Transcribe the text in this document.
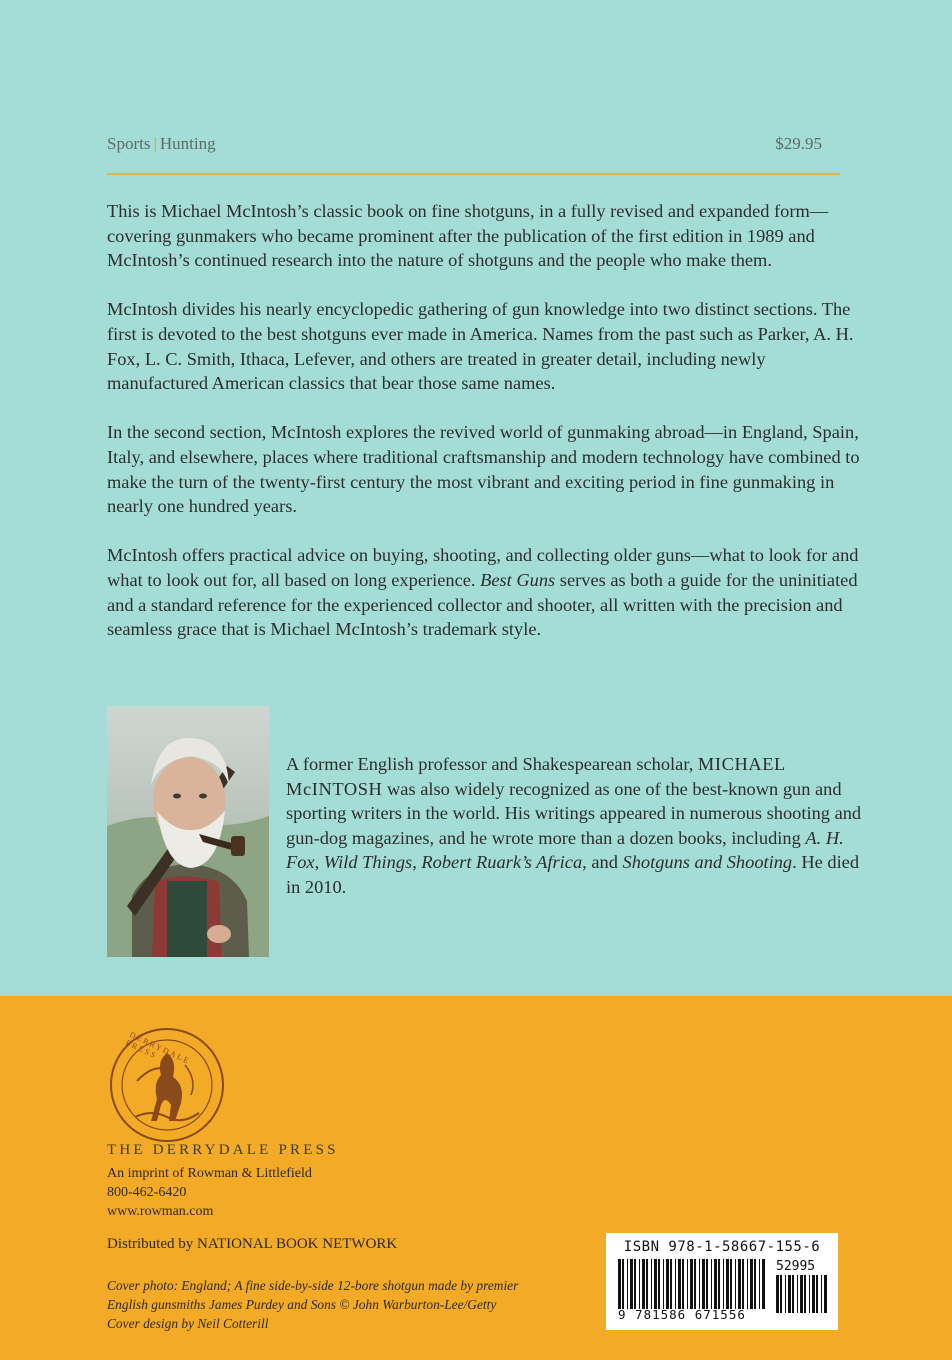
Sports | Hunting	$29.95

This is Michael McIntosh’s classic book on fine shotguns, in a fully revised and expanded form—covering gunmakers who became prominent after the publication of the first edition in 1989 and McIntosh’s continued research into the nature of shotguns and the people who make them.

McIntosh divides his nearly encyclopedic gathering of gun knowledge into two distinct sections. The first is devoted to the best shotguns ever made in America. Names from the past such as Parker, A. H. Fox, L. C. Smith, Ithaca, Lefever, and others are treated in greater detail, including newly manufactured American classics that bear those same names.

In the second section, McIntosh explores the revived world of gunmaking abroad—in England, Spain, Italy, and elsewhere, places where traditional craftsmanship and modern technology have combined to make the turn of the twenty-first century the most vibrant and exciting period in fine gunmaking in nearly one hundred years.

McIntosh offers practical advice on buying, shooting, and collecting older guns—what to look for and what to look out for, all based on long experience. Best Guns serves as both a guide for the uninitiated and a standard reference for the experienced collector and shooter, all written with the precision and seamless grace that is Michael McIntosh’s trademark style.

A former English professor and Shakespearean scholar, MICHAEL McINTOSH was also widely recognized as one of the best-known gun and sporting writers in the world. His writings appeared in numerous shooting and gun-dog magazines, and he wrote more than a dozen books, including A. H. Fox, Wild Things, Robert Ruark’s Africa, and Shotguns and Shooting. He died in 2010.
DERRYDALE PRESS
THE DERRYDALE PRESS
An imprint of Rowman & Littlefield
800-462-6420
www.rowman.com
Distributed by NATIONAL BOOK NETWORK
Cover photo: England; A fine side-by-side 12-bore shotgun made by premier
English gunsmiths James Purdey and Sons © John Warburton-Lee/Getty
Cover design by Neil Cotterill
ISBN 978-1-58667-155-6
52995
9 781586 671556
